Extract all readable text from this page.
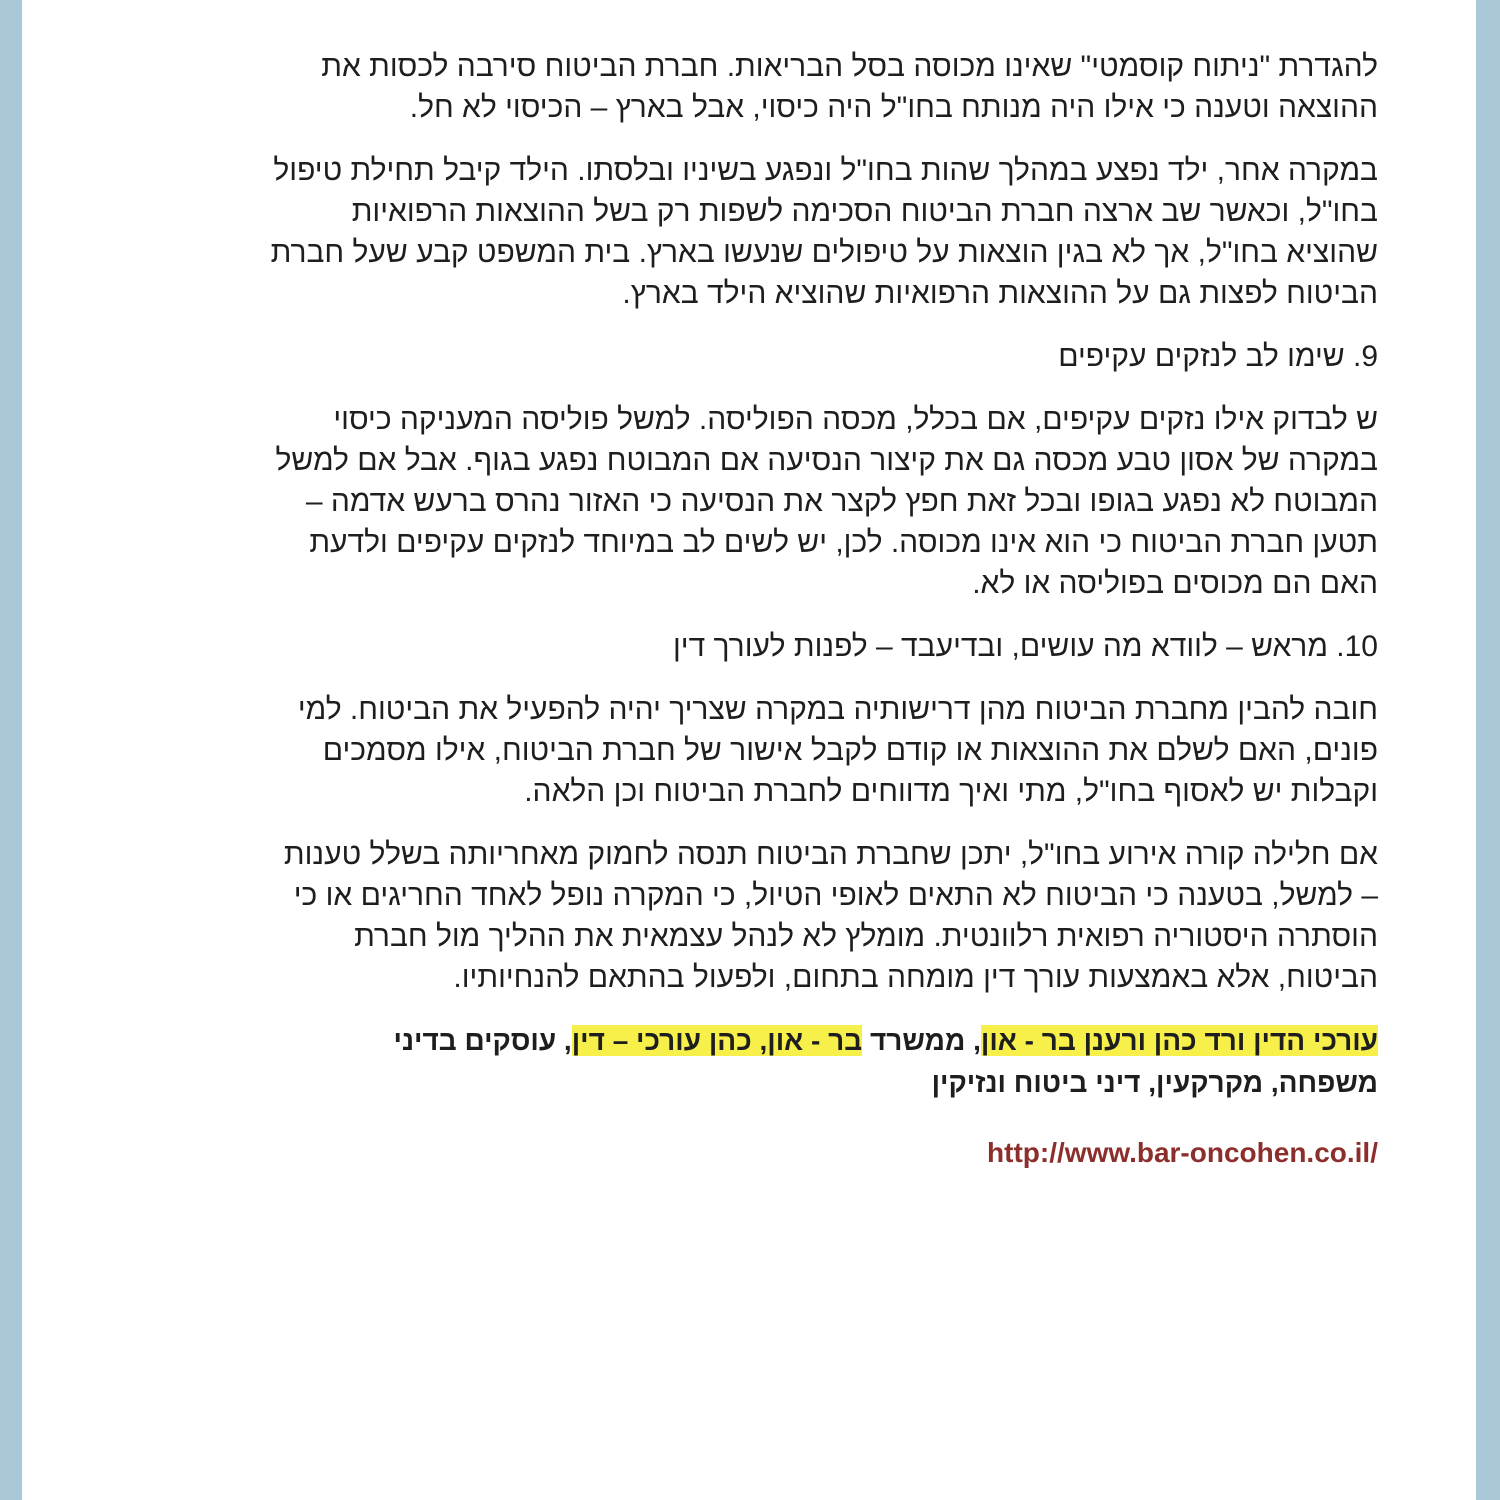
להגדרת "ניתוח קוסמטי" שאינו מכוסה בסל הבריאות. חברת הביטוח סירבה לכסות את
ההוצאה וטענה כי אילו היה מנותח בחו"ל היה כיסוי, אבל בארץ – הכיסוי לא חל.
במקרה אחר, ילד נפצע במהלך שהות בחו"ל ונפגע בשיניו ובלסתו. הילד קיבל תחילת טיפול
בחו"ל, וכאשר שב ארצה חברת הביטוח הסכימה לשפות רק בשל ההוצאות הרפואיות
שהוציא בחו"ל, אך לא בגין הוצאות על טיפולים שנעשו בארץ. בית המשפט קבע שעל חברת
הביטוח לפצות גם על ההוצאות הרפואיות שהוציא הילד בארץ.
9. שימו לב לנזקים עקיפים
ש לבדוק אילו נזקים עקיפים, אם בכלל, מכסה הפוליסה. למשל פוליסה המעניקה כיסוי
במקרה של אסון טבע מכסה גם את קיצור הנסיעה אם המבוטח נפגע בגוף. אבל אם למשל
המבוטח לא נפגע בגופו ובכל זאת חפץ לקצר את הנסיעה כי האזור נהרס ברעש אדמה –
תטען חברת הביטוח כי הוא אינו מכוסה. לכן, יש לשים לב במיוחד לנזקים עקיפים ולדעת
האם הם מכוסים בפוליסה או לא.
10. מראש – לוודא מה עושים, ובדיעבד – לפנות לעורך דין
חובה להבין מחברת הביטוח מהן דרישותיה במקרה שצריך יהיה להפעיל את הביטוח. למי
פונים, האם לשלם את ההוצאות או קודם לקבל אישור של חברת הביטוח, אילו מסמכים
וקבלות יש לאסוף בחו"ל, מתי ואיך מדווחים לחברת הביטוח וכן הלאה.
אם חלילה קורה אירוע בחו"ל, יתכן שחברת הביטוח תנסה לחמוק מאחריותה בשלל טענות
– למשל, בטענה כי הביטוח לא התאים לאופי הטיול, כי המקרה נופל לאחד החריגים או כי
הוסתרה היסטוריה רפואית רלוונטית. מומלץ לא לנהל עצמאית את ההליך מול חברת
הביטוח, אלא באמצעות עורך דין מומחה בתחום, ולפעול בהתאם להנחיותיו.
עורכי הדין ורד כהן ורענן בר - און, ממשרד בר - און, כהן עורכי – דין, עוסקים בדיני
משפחה, מקרקעין, דיני ביטוח ונזיקין
http://www.bar-oncohen.co.il/
